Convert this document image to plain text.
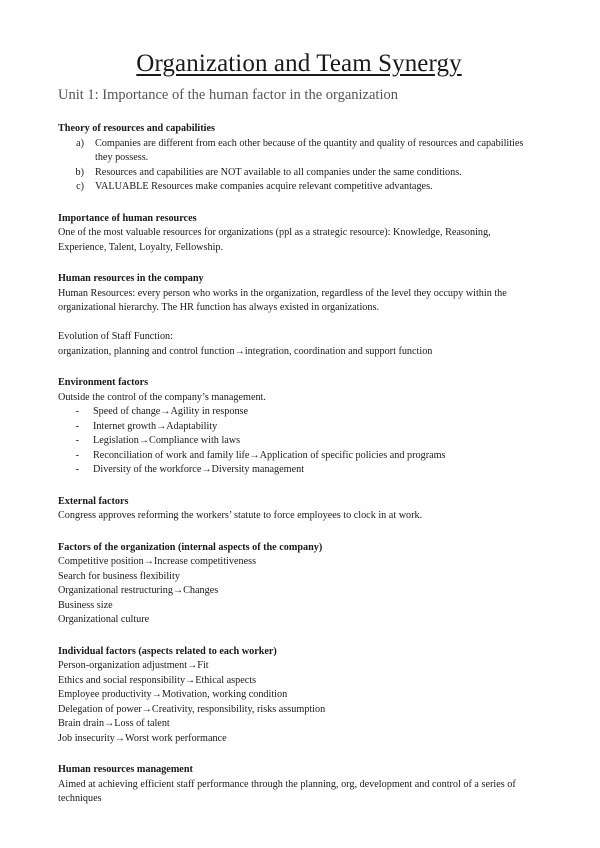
Organization and Team Synergy
Unit 1: Importance of the human factor in the organization
Theory of resources and capabilities
a)	Companies are different from each other because of the quantity and quality of resources and capabilities they possess.
b)	Resources and capabilities are NOT available to all companies under the same conditions.
c)	VALUABLE Resources make companies acquire relevant competitive advantages.
Importance of human resources
One of the most valuable resources for organizations (ppl as a strategic resource): Knowledge, Reasoning, Experience, Talent, Loyalty, Fellowship.
Human resources in the company
Human Resources: every person who works in the organization, regardless of the level they occupy within the organizational hierarchy. The HR function has always existed in organizations.
Evolution of Staff Function:
organization, planning and control function→integration, coordination and support function
Environment factors
Outside the control of the company’s management.
-	Speed of change→Agility in response
-	Internet growth→Adaptability
-	Legislation→Compliance with laws
-	Reconciliation of work and family life→Application of specific policies and programs
-	Diversity of the workforce→Diversity management
External factors
Congress approves reforming the workers’ statute to force employees to clock in at work.
Factors of the organization (internal aspects of the company)
Competitive position→Increase competitiveness
Search for business flexibility
Organizational restructuring→Changes
Business size
Organizational culture
Individual factors (aspects related to each worker)
Person-organization adjustment→Fit
Ethics and social responsibility→Ethical aspects
Employee productivity→Motivation, working condition
Delegation of power→Creativity, responsibility, risks assumption
Brain drain→Loss of talent
Job insecurity→Worst work performance
Human resources management
Aimed at achieving efficient staff performance through the planning, org, development and control of a series of techniques
